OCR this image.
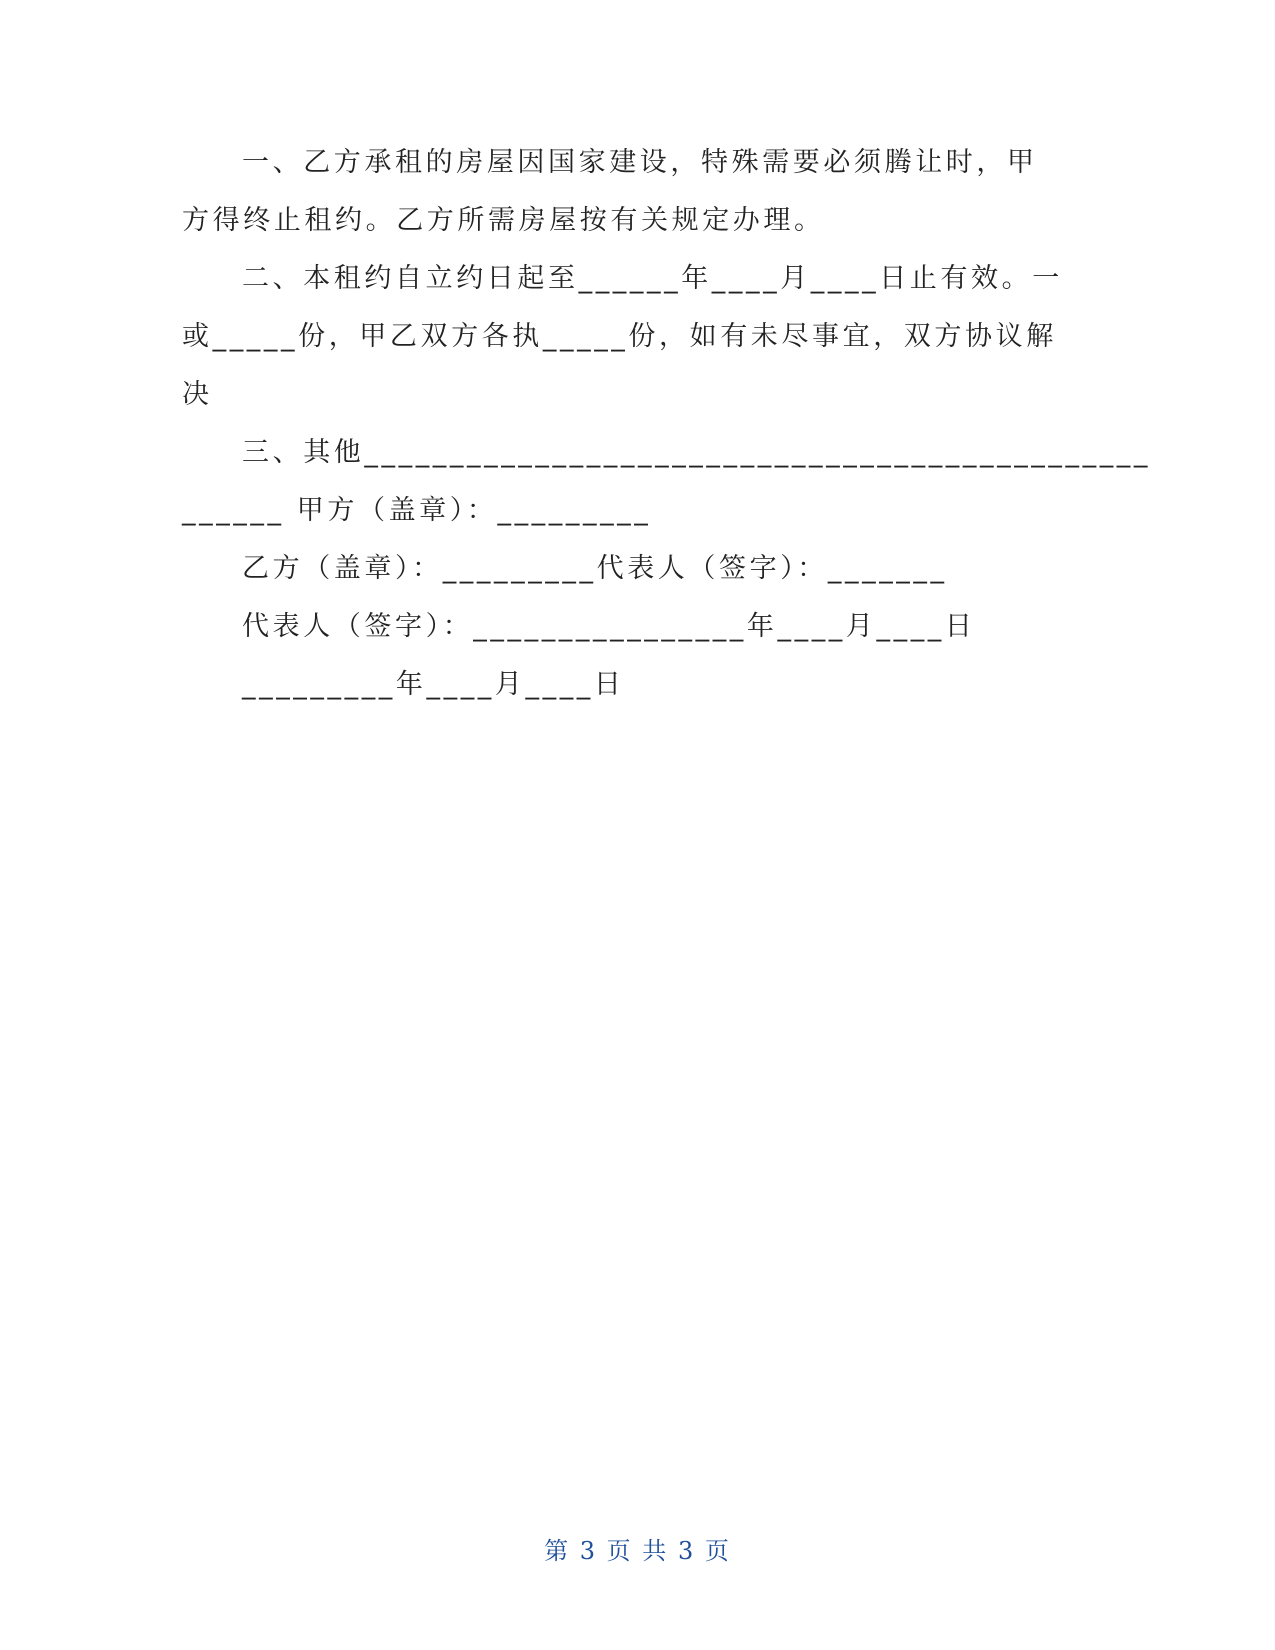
一、乙方承租的房屋因国家建设，特殊需要必须腾让时，甲
方得终止租约。乙方所需房屋按有关规定办理。
二、本租约自立约日起至______年____月____日止有效。一
或_____份，甲乙双方各执_____份，如有未尽事宜，双方协议解
决
三、其他______________________________________________
______ 甲方（盖章）：_________
乙方（盖章）：_________代表人（签字）：_______
代表人（签字）：________________年____月____日
_________年____月____日
第 3 页 共 3 页
